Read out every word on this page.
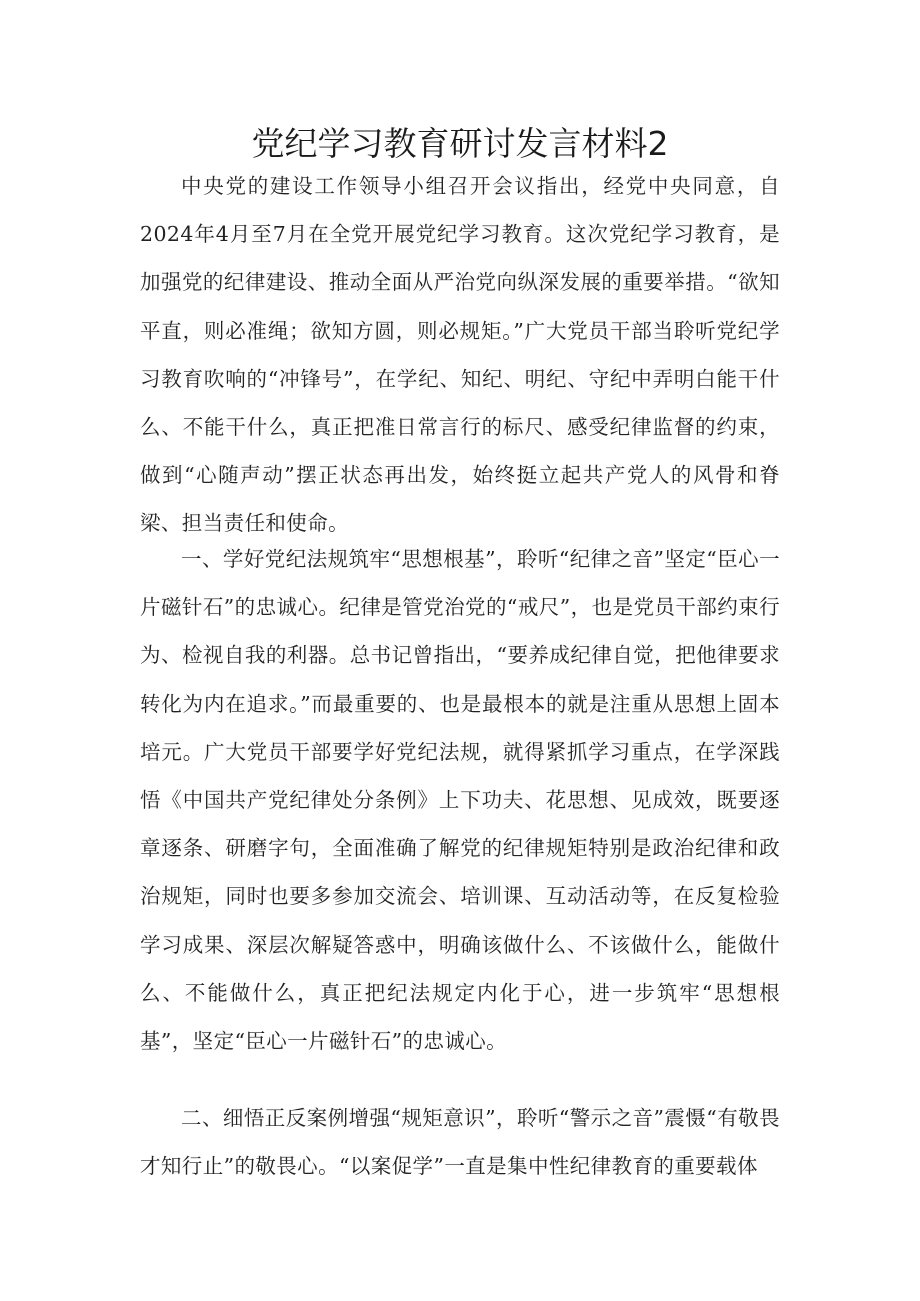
党纪学习教育研讨发言材料2

中央党的建设工作领导小组召开会议指出，经党中央同意，自2024年4月至7月在全党开展党纪学习教育。这次党纪学习教育，是加强党的纪律建设、推动全面从严治党向纵深发展的重要举措。“欲知平直，则必准绳；欲知方圆，则必规矩。”广大党员干部当聆听党纪学习教育吹响的“冲锋号”，在学纪、知纪、明纪、守纪中弄明白能干什么、不能干什么，真正把准日常言行的标尺、感受纪律监督的约束，做到“心随声动”摆正状态再出发，始终挺立起共产党人的风骨和脊梁、担当责任和使命。

一、学好党纪法规筑牢“思想根基”，聆听“纪律之音”坚定“臣心一片磁针石”的忠诚心。纪律是管党治党的“戒尺”，也是党员干部约束行为、检视自我的利器。总书记曾指出，“要养成纪律自觉，把他律要求转化为内在追求。”而最重要的、也是最根本的就是注重从思想上固本培元。广大党员干部要学好党纪法规，就得紧抓学习重点，在学深践悟《中国共产党纪律处分条例》上下功夫、花思想、见成效，既要逐章逐条、研磨字句，全面准确了解党的纪律规矩特别是政治纪律和政治规矩，同时也要多参加交流会、培训课、互动活动等，在反复检验学习成果、深层次解疑答惑中，明确该做什么、不该做什么，能做什么、不能做什么，真正把纪法规定内化于心，进一步筑牢“思想根基”，坚定“臣心一片磁针石”的忠诚心。

二、细悟正反案例增强“规矩意识”，聆听“警示之音”震慑“有敬畏才知行止”的敬畏心。“以案促学”一直是集中性纪律教育的重要载体
